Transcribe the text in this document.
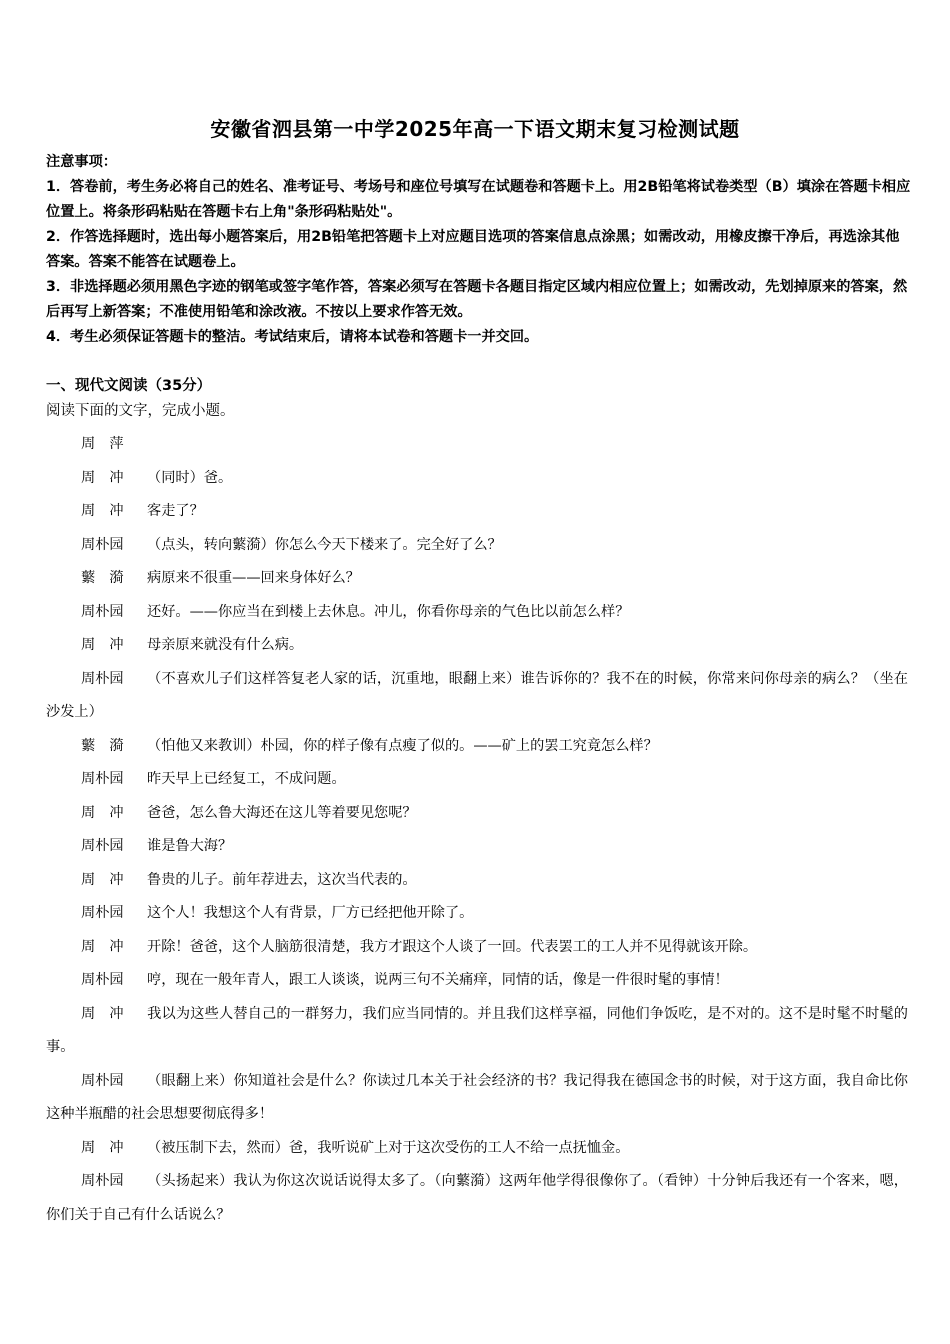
安徽省泗县第一中学2025年高一下语文期末复习检测试题

注意事项：

1．答卷前，考生务必将自己的姓名、准考证号、考场号和座位号填写在试题卷和答题卡上。用2B铅笔将试卷类型（B）填涂在答题卡相应位置上。将条形码粘贴在答题卡右上角"条形码粘贴处"。

2．作答选择题时，选出每小题答案后，用2B铅笔把答题卡上对应题目选项的答案信息点涂黑；如需改动，用橡皮擦干净后，再选涂其他答案。答案不能答在试题卷上。

3．非选择题必须用黑色字迹的钢笔或签字笔作答，答案必须写在答题卡各题目指定区域内相应位置上；如需改动，先划掉原来的答案，然后再写上新答案；不准使用铅笔和涂改液。不按以上要求作答无效。

4．考生必须保证答题卡的整洁。考试结束后，请将本试卷和答题卡一并交回。

一、现代文阅读（35分）
阅读下面的文字，完成小题。

周　萍

周　冲 （同时）爸。

周　冲 客走了？

周朴园 （点头，转向蘩漪）你怎么今天下楼来了。完全好了么？

蘩　漪 病原来不很重——回来身体好么？

周朴园 还好。——你应当在到楼上去休息。冲儿，你看你母亲的气色比以前怎么样？

周　冲 母亲原来就没有什么病。

周朴园 （不喜欢儿子们这样答复老人家的话，沉重地，眼翻上来）谁告诉你的？我不在的时候，你常来问你母亲的病么？（坐在沙发上）

蘩　漪 （怕他又来教训）朴园，你的样子像有点瘦了似的。——矿上的罢工究竟怎么样？

周朴园 昨天早上已经复工，不成问题。

周　冲 爸爸，怎么鲁大海还在这儿等着要见您呢？

周朴园 谁是鲁大海？

周　冲 鲁贵的儿子。前年荐进去，这次当代表的。

周朴园 这个人！我想这个人有背景，厂方已经把他开除了。

周　冲 开除！爸爸，这个人脑筋很清楚，我方才跟这个人谈了一回。代表罢工的工人并不见得就该开除。

周朴园 哼，现在一般年青人，跟工人谈谈，说两三句不关痛痒，同情的话，像是一件很时髦的事情！

周　冲 我以为这些人替自己的一群努力，我们应当同情的。并且我们这样享福，同他们争饭吃，是不对的。这不是时髦不时髦的事。

周朴园 （眼翻上来）你知道社会是什么？你读过几本关于社会经济的书？我记得我在德国念书的时候，对于这方面，我自命比你这种半瓶醋的社会思想要彻底得多！

周　冲 （被压制下去，然而）爸，我听说矿上对于这次受伤的工人不给一点抚恤金。

周朴园 （头扬起来）我认为你这次说话说得太多了。（向蘩漪）这两年他学得很像你了。（看钟）十分钟后我还有一个客来，嗯，你们关于自己有什么话说么？
